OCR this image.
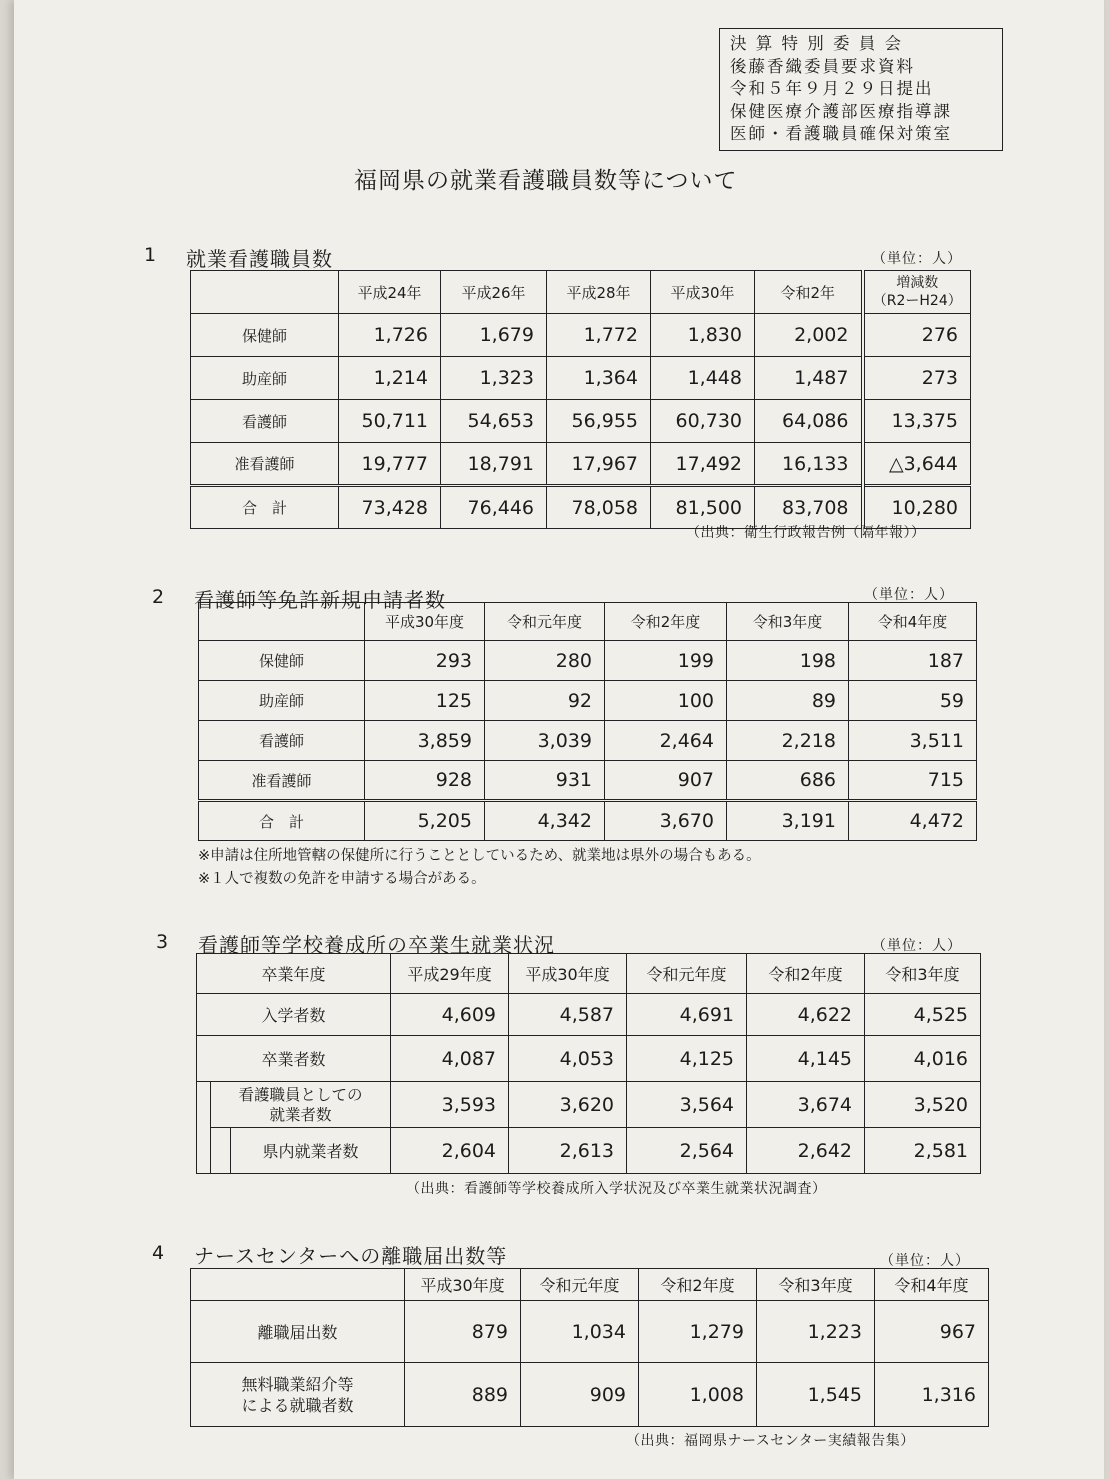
決 算 特 別 委 員 会
後藤香織委員要求資料
令和５年９月２９日提出
保健医療介護部医療指導課
医師・看護職員確保対策室
福岡県の就業看護職員数等について
1 就業看護職員数	（単位：人）
	平成24年	平成26年	平成28年	平成30年	令和2年	増減数
（R2ーH24）

保健師	1,726	1,679	1,772	1,830	2,002	276
助産師	1,214	1,323	1,364	1,448	1,487	273
看護師	50,711	54,653	56,955	60,730	64,086	13,375
准看護師	19,777	18,791	17,967	17,492	16,133	△3,644
合　計	73,428	76,446	78,058	81,500	83,708	10,280
（出典：衛生行政報告例（隔年報））
2 看護師等免許新規申請者数	（単位：人）
	平成30年度	令和元年度	令和2年度	令和3年度	令和4年度
保健師	293	280	199	198	187
助産師	125	92	100	89	59
看護師	3,859	3,039	2,464	2,218	3,511
准看護師	928	931	907	686	715
合　計	5,205	4,342	3,670	3,191	4,472
※申請は住所地管轄の保健所に行うこととしているため、就業地は県外の場合もある。
※１人で複数の免許を申請する場合がある。
3 看護師等学校養成所の卒業生就業状況	（単位：人）
卒業年度			平成29年度	平成30年度	令和元年度	令和2年度	令和3年度
入学者数			4,609	4,587	4,691	4,622	4,525
卒業者数			4,087	4,053	4,125	4,145	4,016

	看護職員としての
就業者数		3,593	3,620	3,564	3,674	3,520
		県内就業者数	2,604	2,613	2,564	2,642	2,581
（出典：看護師等学校養成所入学状況及び卒業生就業状況調査）
4 ナースセンターへの離職届出数等	（単位：人）
	平成30年度	令和元年度	令和2年度	令和3年度	令和4年度
離職届出数	879	1,034	1,279	1,223	967

無料職業紹介等
による就職者数	889	909	1,008	1,545	1,316
（出典：福岡県ナースセンター実績報告集）
